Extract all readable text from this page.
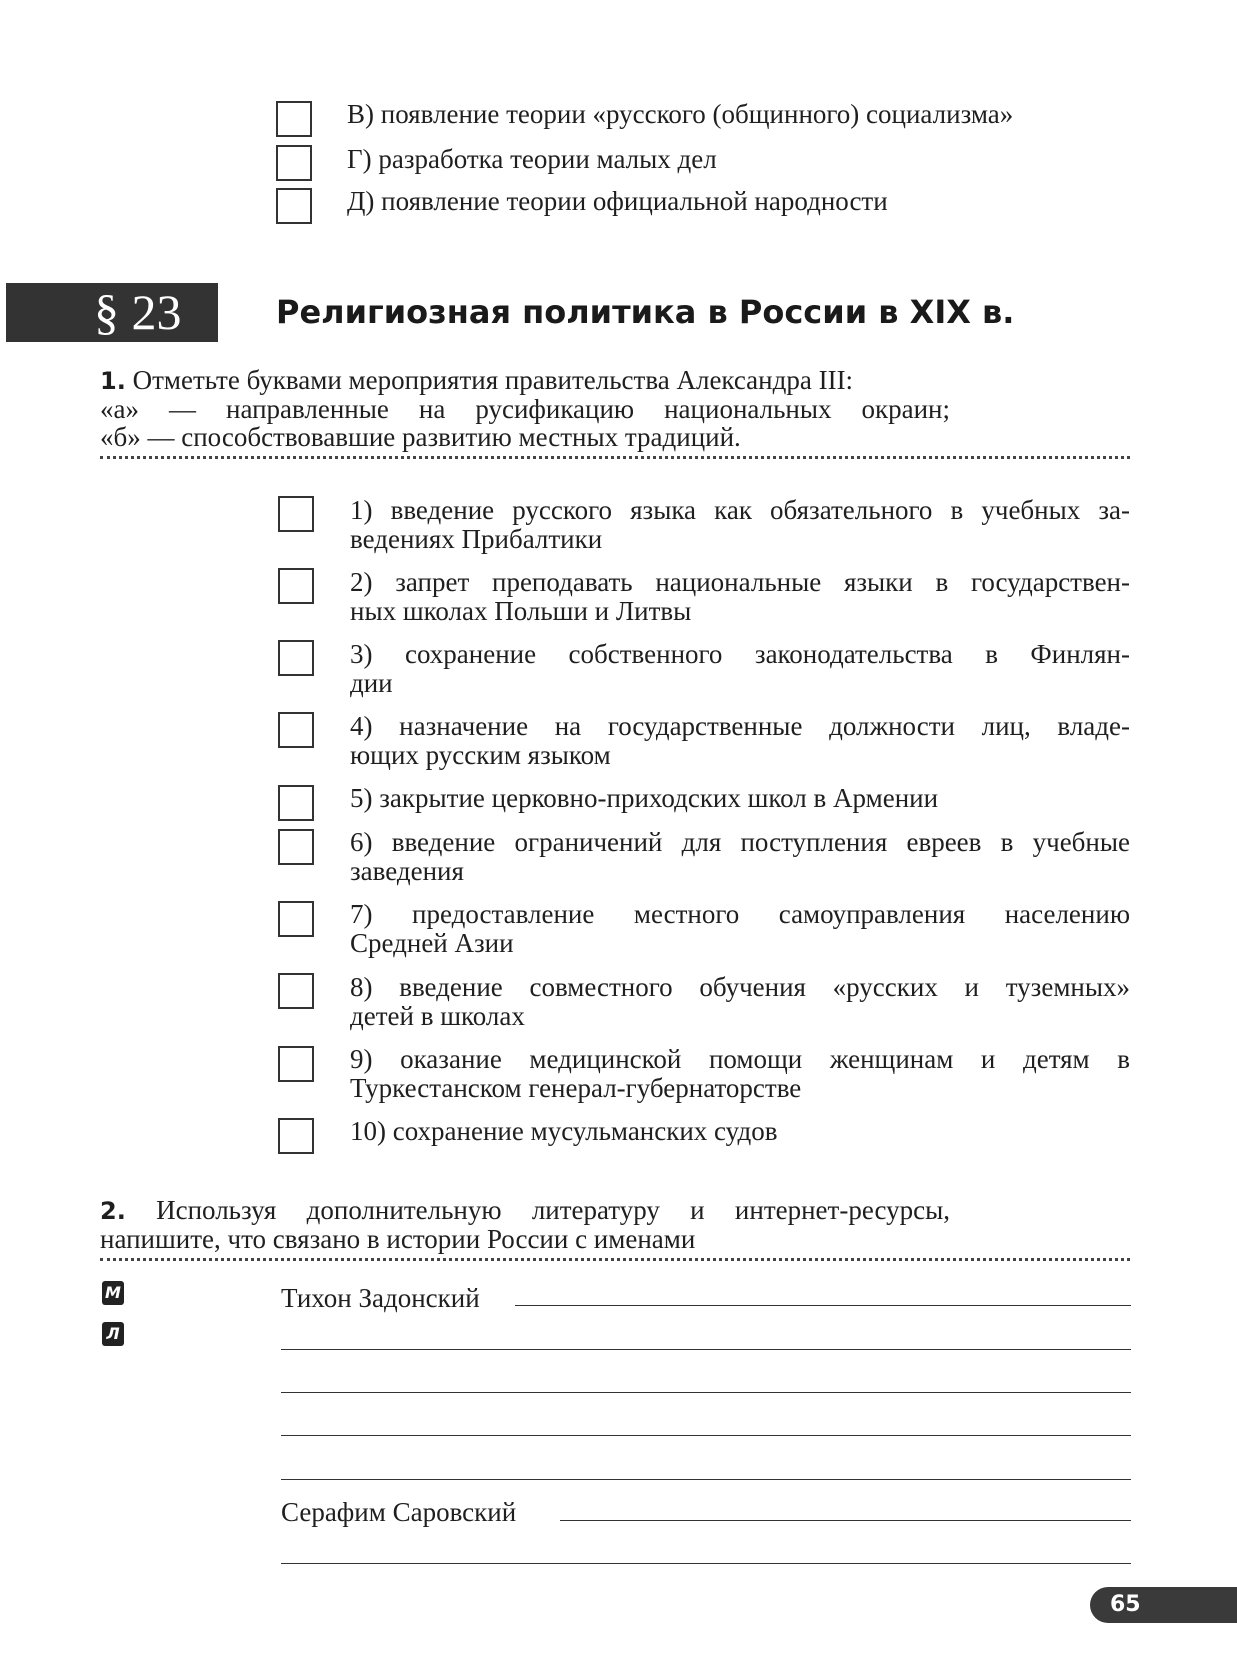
В) появление теории «русского (общинного) социализма»
Г) разработка теории малых дел
Д) появление теории официальной народности
§ 23	Религиозная политика в России в XIX в.
1. Отметьте буквами мероприятия правительства Александра III:
«а» — направленные на русификацию национальных окраин;
«б» — способствовавшие развитию местных традиций.
1) введение русского языка как обязательного в учебных за-
ведениях Прибалтики
2) запрет преподавать национальные языки в государствен-
ных школах Польши и Литвы
3) сохранение собственного законодательства в Финлян-
дии
4) назначение на государственные должности лиц, владе-
ющих русским языком
5) закрытие церковно-приходских школ в Армении
6) введение ограничений для поступления евреев в учебные
заведения
7) предоставление местного самоуправления населению
Средней Азии
8) введение совместного обучения «русских и туземных»
детей в школах
9) оказание медицинской помощи женщинам и детям в
Туркестанском генерал-губернаторстве
10) сохранение мусульманских судов
2. Используя дополнительную литературу и интернет-ресурсы,
напишите, что связано в истории России с именами
М
Л
Тихон Задонский
Серафим Саровский
65
